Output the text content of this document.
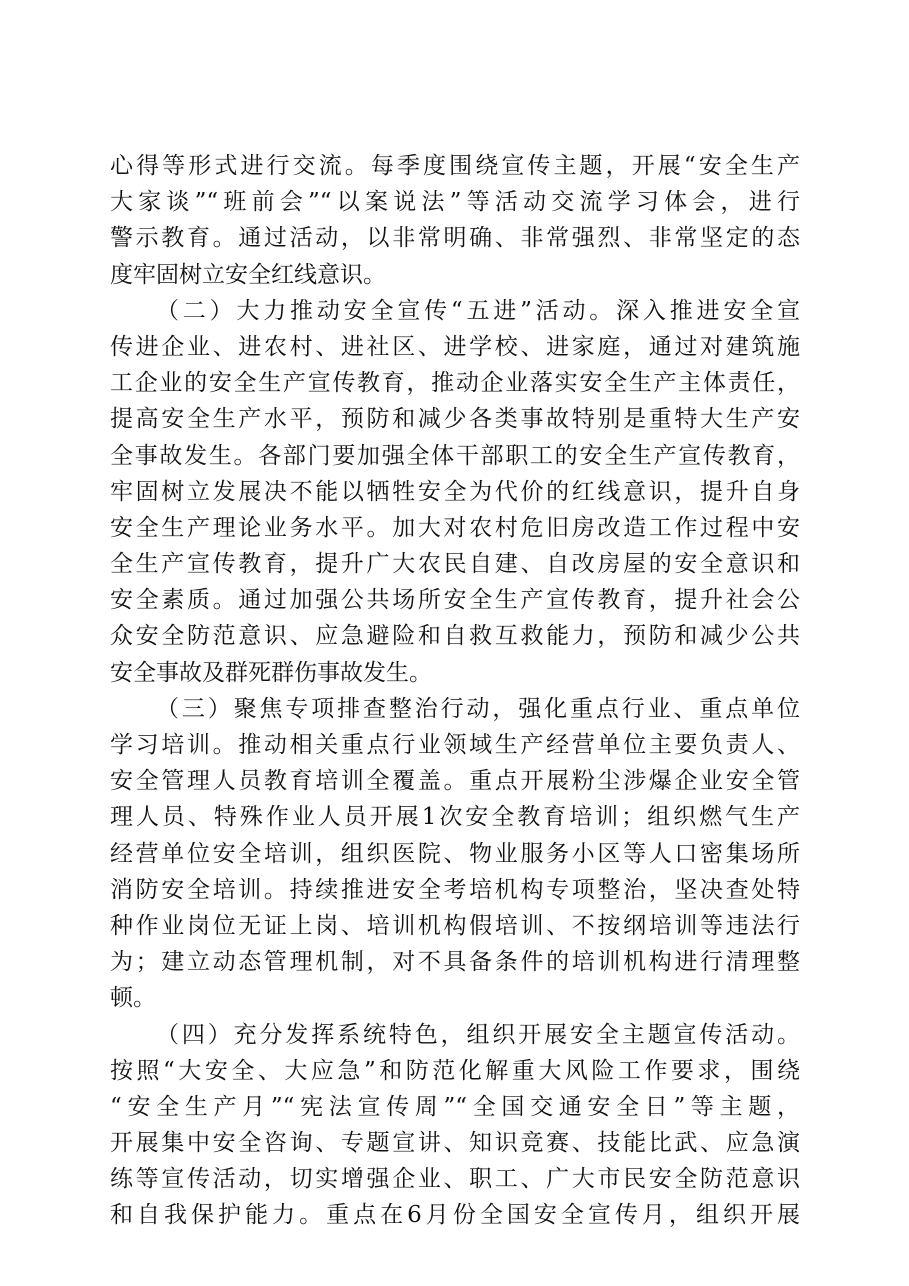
心得等形式进行交流。每季度围绕宣传主题，开展“安全生产
大家谈”“班前会”“以案说法”等活动交流学习体会，进行
警示教育。通过活动，以非常明确、非常强烈、非常坚定的态
度牢固树立安全红线意识。
（二）大力推动安全宣传“五进”活动。深入推进安全宣
传进企业、进农村、进社区、进学校、进家庭，通过对建筑施
工企业的安全生产宣传教育，推动企业落实安全生产主体责任，
提高安全生产水平，预防和减少各类事故特别是重特大生产安
全事故发生。各部门要加强全体干部职工的安全生产宣传教育，
牢固树立发展决不能以牺牲安全为代价的红线意识，提升自身
安全生产理论业务水平。加大对农村危旧房改造工作过程中安
全生产宣传教育，提升广大农民自建、自改房屋的安全意识和
安全素质。通过加强公共场所安全生产宣传教育，提升社会公
众安全防范意识、应急避险和自救互救能力，预防和减少公共
安全事故及群死群伤事故发生。
（三）聚焦专项排查整治行动，强化重点行业、重点单位
学习培训。推动相关重点行业领域生产经营单位主要负责人、
安全管理人员教育培训全覆盖。重点开展粉尘涉爆企业安全管
理人员、特殊作业人员开展1次安全教育培训；组织燃气生产
经营单位安全培训，组织医院、物业服务小区等人口密集场所
消防安全培训。持续推进安全考培机构专项整治，坚决查处特
种作业岗位无证上岗、培训机构假培训、不按纲培训等违法行
为；建立动态管理机制，对不具备条件的培训机构进行清理整
顿。
（四）充分发挥系统特色，组织开展安全主题宣传活动。
按照“大安全、大应急”和防范化解重大风险工作要求，围绕
“安全生产月”“宪法宣传周”“全国交通安全日”等主题，
开展集中安全咨询、专题宣讲、知识竞赛、技能比武、应急演
练等宣传活动，切实增强企业、职工、广大市民安全防范意识
和自我保护能力。重点在6月份全国安全宣传月，组织开展
